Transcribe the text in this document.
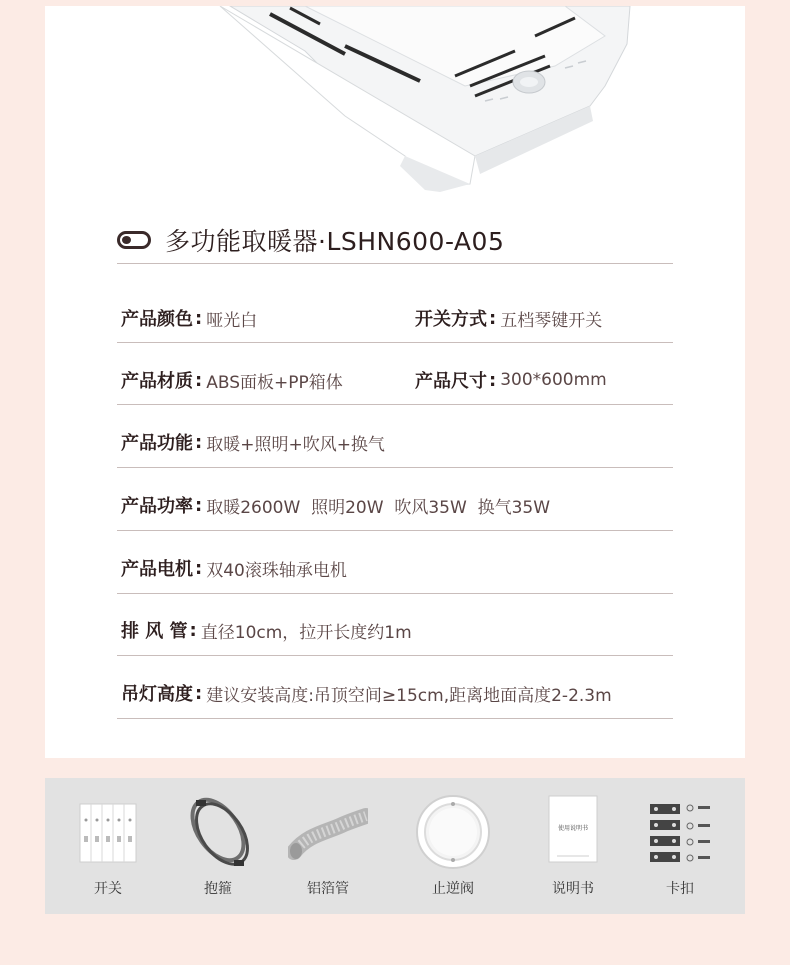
多功能取暖器·LSHN600-A05
产品颜色 : 哑光白	开关方式 : 五档琴键开关
产品材质 : ABS面板+PP箱体	产品尺寸 : 300*600mm
产品功能 : 取暖+照明+吹风+换气
产品功率 : 取暖2600W  照明20W  吹风35W  换气35W
产品电机 : 双40滚珠轴承电机
排 风 管 : 直径10cm，拉开长度约1m
吊灯高度 : 建议安装高度:吊顶空间≥15cm,距离地面高度2-2.3m
开关	抱箍	铝箔管	止逆阀
使用说明书
说明书	卡扣
